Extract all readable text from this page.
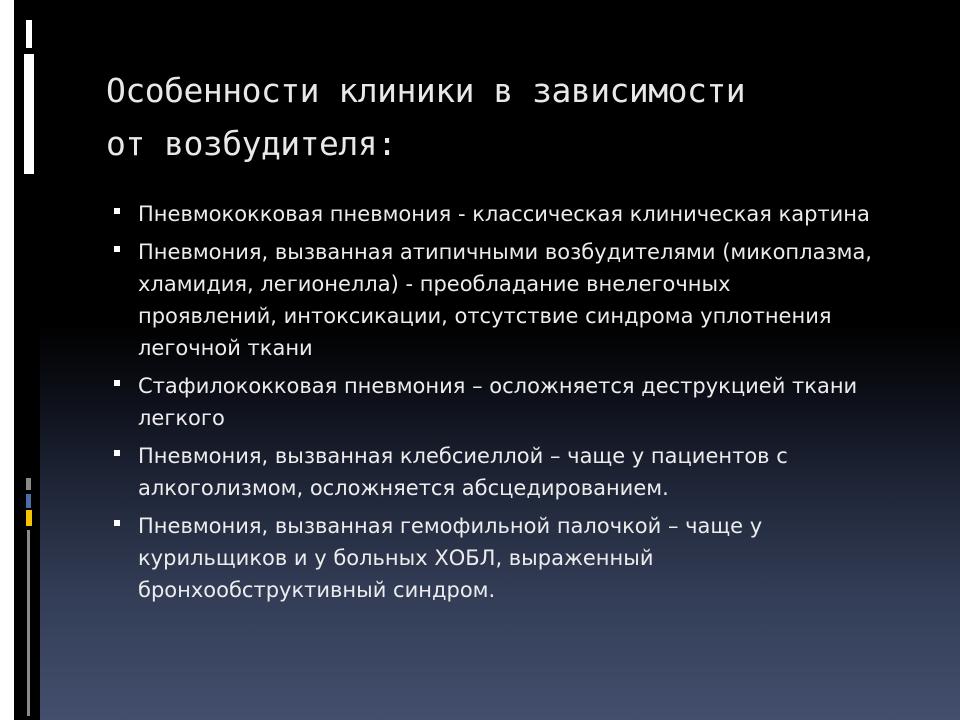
Особенности клиники в зависимости
от возбудителя:
Пневмококковая пневмония - классическая клиническая картина
Пневмония, вызванная атипичными возбудителями (микоплазма, хламидия, легионелла) - преобладание внелегочных проявлений, интоксикации, отсутствие синдрома уплотнения легочной ткани
Стафилококковая пневмония – осложняется деструкцией ткани легкого
Пневмония, вызванная клебсиеллой – чаще у пациентов с алкоголизмом, осложняется абсцедированием.
Пневмония, вызванная гемофильной палочкой – чаще у курильщиков и у больных ХОБЛ, выраженный бронхообструктивный синдром.
